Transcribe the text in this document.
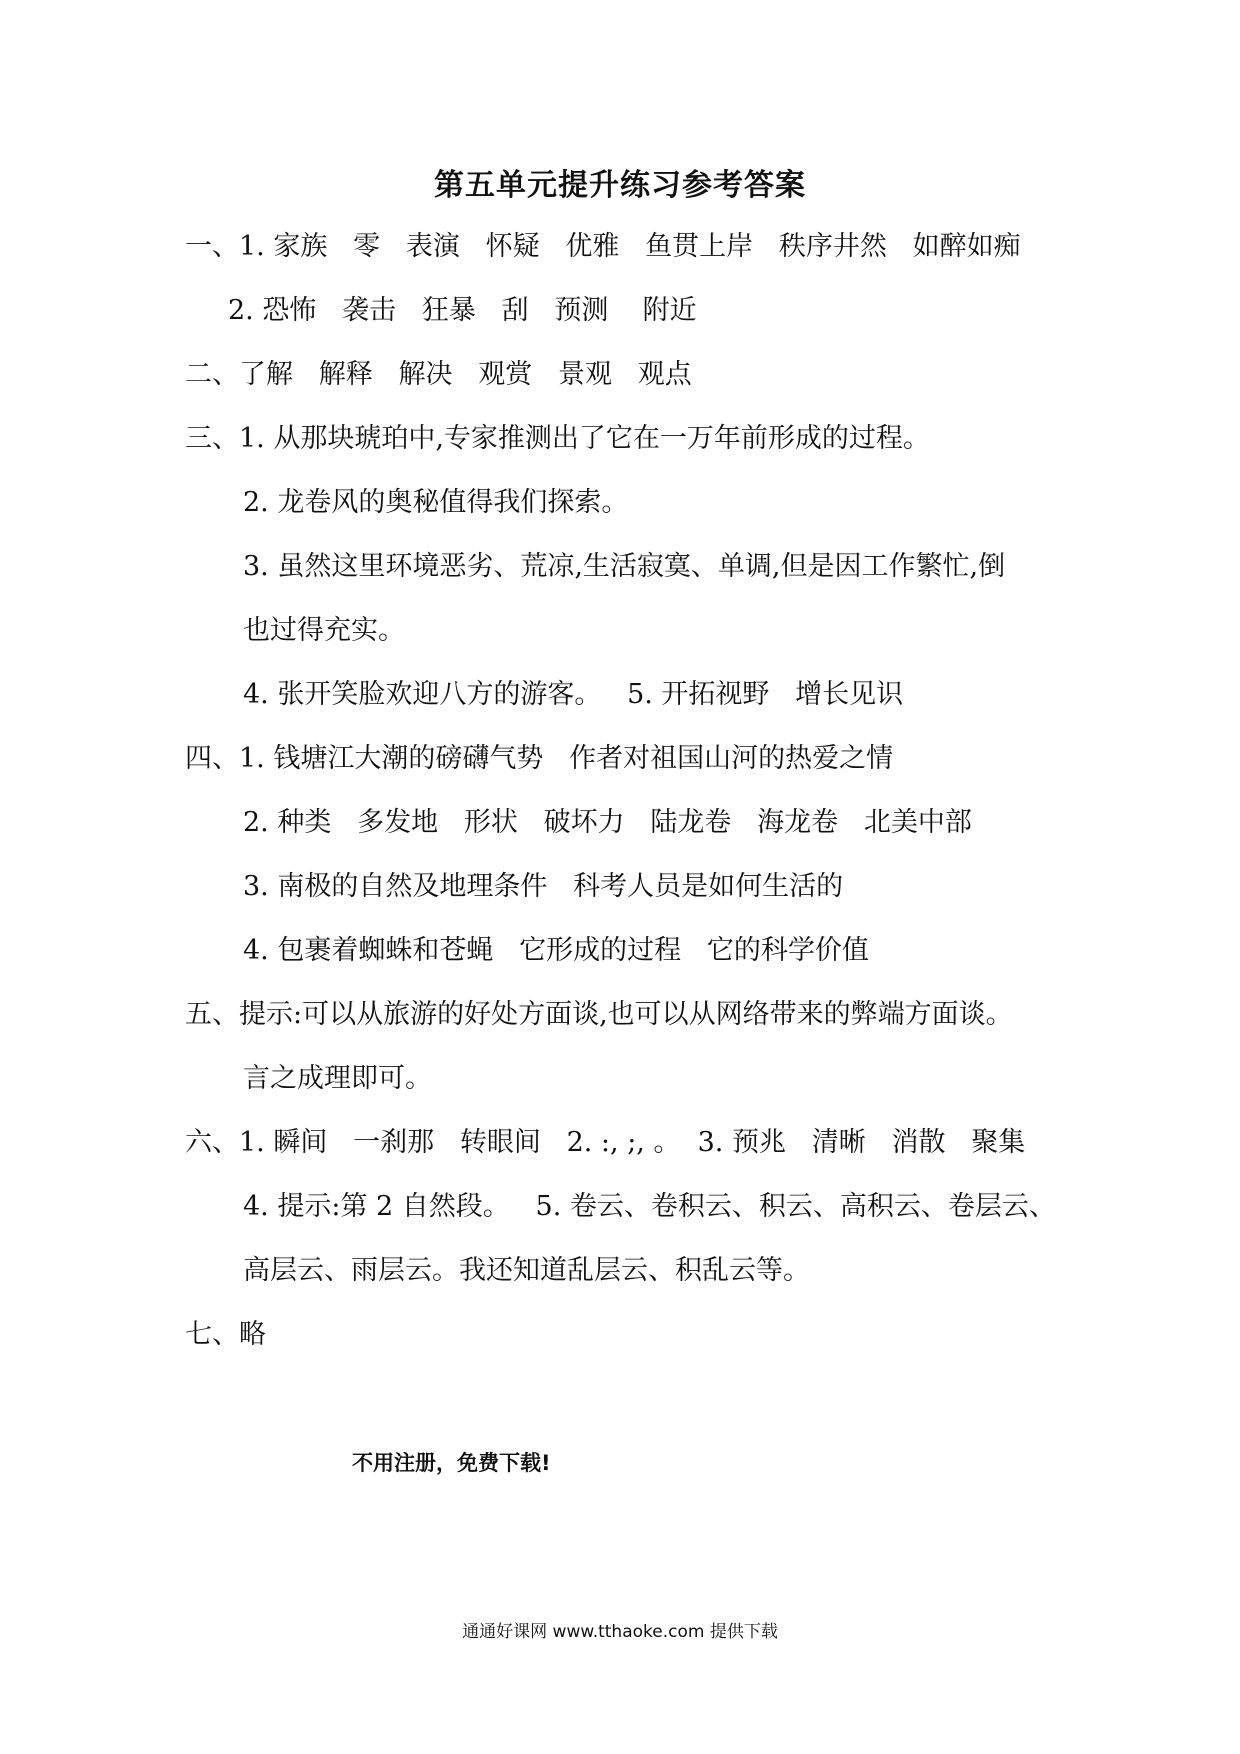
第五单元提升练习参考答案
一、1. 家族   零   表演   怀疑   优雅   鱼贯上岸   秩序井然   如醉如痴
2. 恐怖   袭击   狂暴   刮   预测    附近
二、了解   解释   解决   观赏   景观   观点
三、1. 从那块琥珀中,专家推测出了它在一万年前形成的过程。
2. 龙卷风的奥秘值得我们探索。
3. 虽然这里环境恶劣、荒凉,生活寂寞、单调,但是因工作繁忙,倒
也过得充实。
4. 张开笑脸欢迎八方的游客。   5. 开拓视野   增长见识
四、1. 钱塘江大潮的磅礴气势   作者对祖国山河的热爱之情
2. 种类   多发地   形状   破坏力   陆龙卷   海龙卷   北美中部
3. 南极的自然及地理条件   科考人员是如何生活的
4. 包裹着蜘蛛和苍蝇   它形成的过程   它的科学价值
五、提示:可以从旅游的好处方面谈,也可以从网络带来的弊端方面谈。
言之成理即可。
六、1. 瞬间   一刹那   转眼间   2. :, ;, 。  3. 预兆   清晰   消散   聚集
4. 提示:第 2 自然段。   5. 卷云、卷积云、积云、高积云、卷层云、
高层云、雨层云。我还知道乱层云、积乱云等。
七、略
不用注册，免费下载!
通通好课网 www.tthaoke.com 提供下载
